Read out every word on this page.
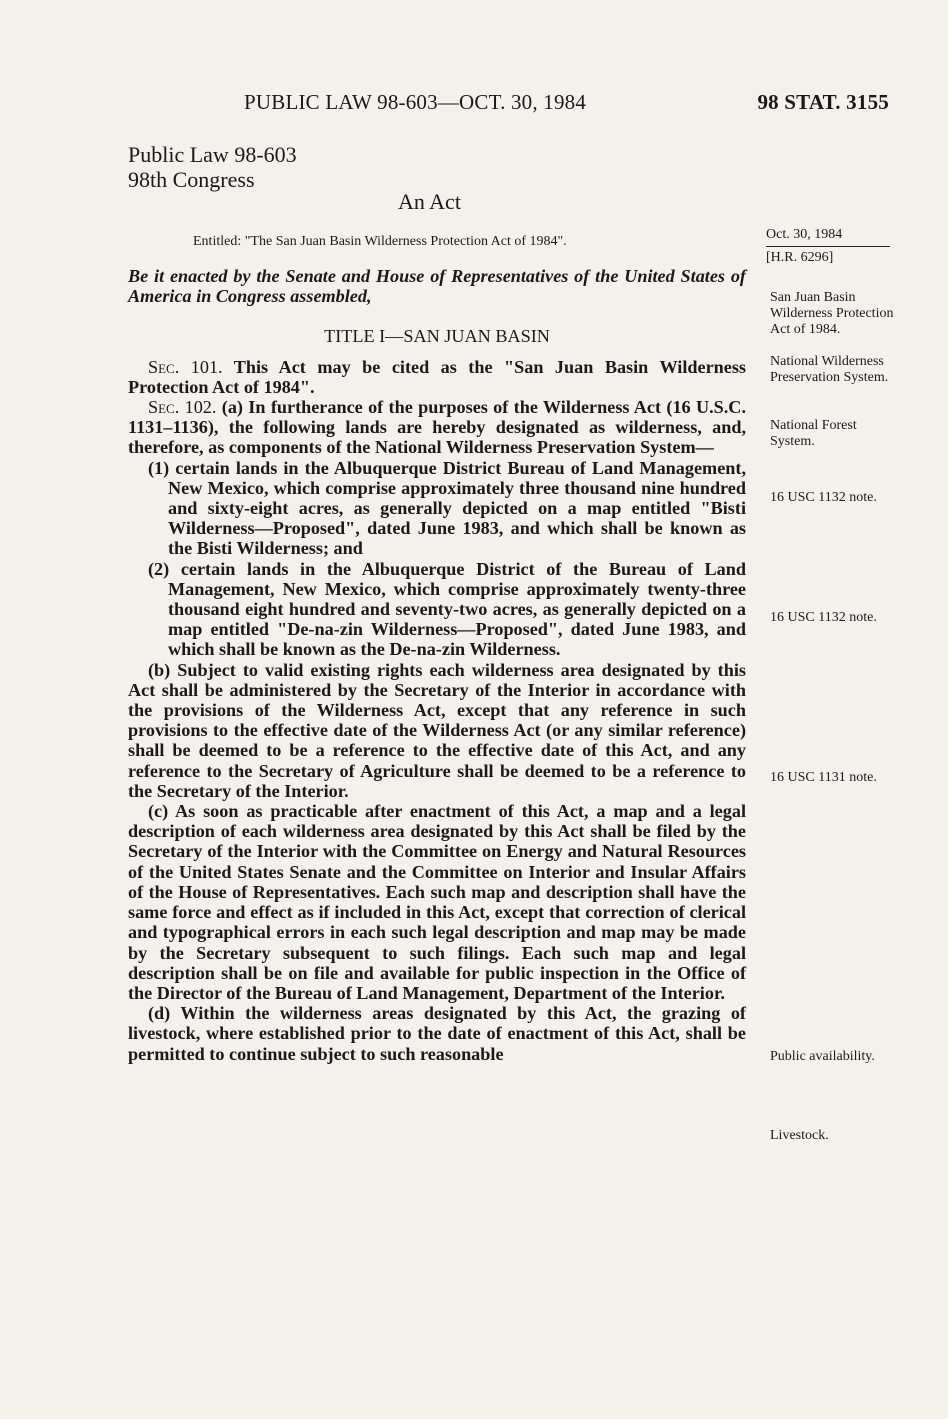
PUBLIC LAW 98-603—OCT. 30, 1984	98 STAT. 3155
Public Law 98-603
98th Congress
An Act
Oct. 30, 1984
[H.R. 6296]
Entitled: "The San Juan Basin Wilderness Protection Act of 1984".

Be it enacted by the Senate and House of Representatives of the United States of America in Congress assembled,

TITLE I—SAN JUAN BASIN

Sec. 101. This Act may be cited as the "San Juan Basin Wilderness Protection Act of 1984".

Sec. 102. (a) In furtherance of the purposes of the Wilderness Act (16 U.S.C. 1131–1136), the following lands are hereby designated as wilderness, and, therefore, as components of the National Wilderness Preservation System—

(1) certain lands in the Albuquerque District Bureau of Land Management, New Mexico, which comprise approximately three thousand nine hundred and sixty-eight acres, as generally depicted on a map entitled "Bisti Wilderness—Proposed", dated June 1983, and which shall be known as the Bisti Wilderness; and

(2) certain lands in the Albuquerque District of the Bureau of Land Management, New Mexico, which comprise approximately twenty-three thousand eight hundred and seventy-two acres, as generally depicted on a map entitled "De-na-zin Wilderness—Proposed", dated June 1983, and which shall be known as the De-na-zin Wilderness.

(b) Subject to valid existing rights each wilderness area designated by this Act shall be administered by the Secretary of the Interior in accordance with the provisions of the Wilderness Act, except that any reference in such provisions to the effective date of the Wilderness Act (or any similar reference) shall be deemed to be a reference to the effective date of this Act, and any reference to the Secretary of Agriculture shall be deemed to be a reference to the Secretary of the Interior.

(c) As soon as practicable after enactment of this Act, a map and a legal description of each wilderness area designated by this Act shall be filed by the Secretary of the Interior with the Committee on Energy and Natural Resources of the United States Senate and the Committee on Interior and Insular Affairs of the House of Representatives. Each such map and description shall have the same force and effect as if included in this Act, except that correction of clerical and typographical errors in each such legal description and map may be made by the Secretary subsequent to such filings. Each such map and legal description shall be on file and available for public inspection in the Office of the Director of the Bureau of Land Management, Department of the Interior.

(d) Within the wilderness areas designated by this Act, the grazing of livestock, where established prior to the date of enactment of this Act, shall be permitted to continue subject to such reasonable

San Juan Basin Wilderness Protection Act of 1984.
National Wilderness Preservation System.
National Forest System.
16 USC 1132 note.
16 USC 1132 note.
16 USC 1131 note.
Public availability.
Livestock.
